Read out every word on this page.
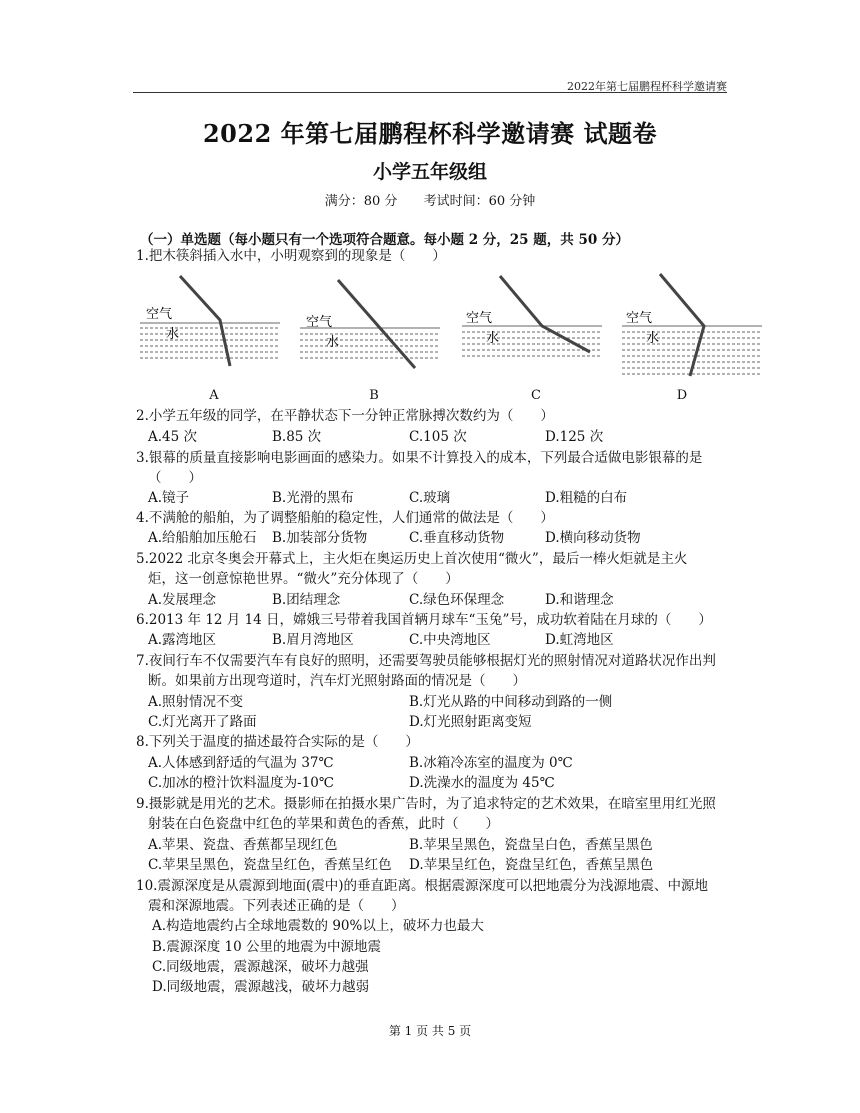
2022年第七届鹏程杯科学邀请赛
2022 年第七届鹏程杯科学邀请赛 试题卷
小学五年级组
满分：80 分 考试时间：60 分钟
（一）单选题（每小题只有一个选项符合题意。每小题 2 分，25 题，共 50 分）
1.把木筷斜插入水中，小明观察到的现象是（　　）
空气
水
空气
水
空气
水
空气
水
A	B	C	D
2.小学五年级的同学，在平静状态下一分钟正常脉搏次数约为（　　）
A.45 次	B.85 次	C.105 次	D.125 次
3.银幕的质量直接影响电影画面的感染力。如果不计算投入的成本，下列最合适做电影银幕的是
（　　）
A.镜子	B.光滑的黑布	C.玻璃	D.粗糙的白布
4.不满舱的船舶，为了调整船舶的稳定性，人们通常的做法是（　　）
A.给船舶加压舱石 B.加装部分货物	C.垂直移动货物	D.横向移动货物
5.2022 北京冬奥会开幕式上，主火炬在奥运历史上首次使用“微火”，最后一棒火炬就是主火
炬，这一创意惊艳世界。“微火”充分体现了（　　）
A.发展理念	B.团结理念	C.绿色环保理念	D.和谐理念
6.2013 年 12 月 14 日，嫦娥三号带着我国首辆月球车“玉兔”号，成功软着陆在月球的（　　）
A.露湾地区	B.眉月湾地区	C.中央湾地区	D.虹湾地区
7.夜间行车不仅需要汽车有良好的照明，还需要驾驶员能够根据灯光的照射情况对道路状况作出判
断。如果前方出现弯道时，汽车灯光照射路面的情况是（　　）
A.照射情况不变	B.灯光从路的中间移动到路的一侧
C.灯光离开了路面	D.灯光照射距离变短
8.下列关于温度的描述最符合实际的是（　　）
A.人体感到舒适的气温为 37℃	B.冰箱冷冻室的温度为 0℃
C.加冰的橙汁饮料温度为-10℃	D.洗澡水的温度为 45℃
9.摄影就是用光的艺术。摄影师在拍摄水果广告时，为了追求特定的艺术效果，在暗室里用红光照
射装在白色瓷盘中红色的苹果和黄色的香蕉，此时（　　）
A.苹果、瓷盘、香蕉都呈现红色	B.苹果呈黑色，瓷盘呈白色，香蕉呈黑色
C.苹果呈黑色，瓷盘呈红色，香蕉呈红色 D.苹果呈红色，瓷盘呈红色，香蕉呈黑色
10.震源深度是从震源到地面(震中)的垂直距离。根据震源深度可以把地震分为浅源地震、中源地
震和深源地震。下列表述正确的是（　　）
A.构造地震约占全球地震数的 90%以上，破坏力也最大
B.震源深度 10 公里的地震为中源地震
C.同级地震，震源越深，破坏力越强
D.同级地震，震源越浅，破坏力越弱
第 1 页 共 5 页
